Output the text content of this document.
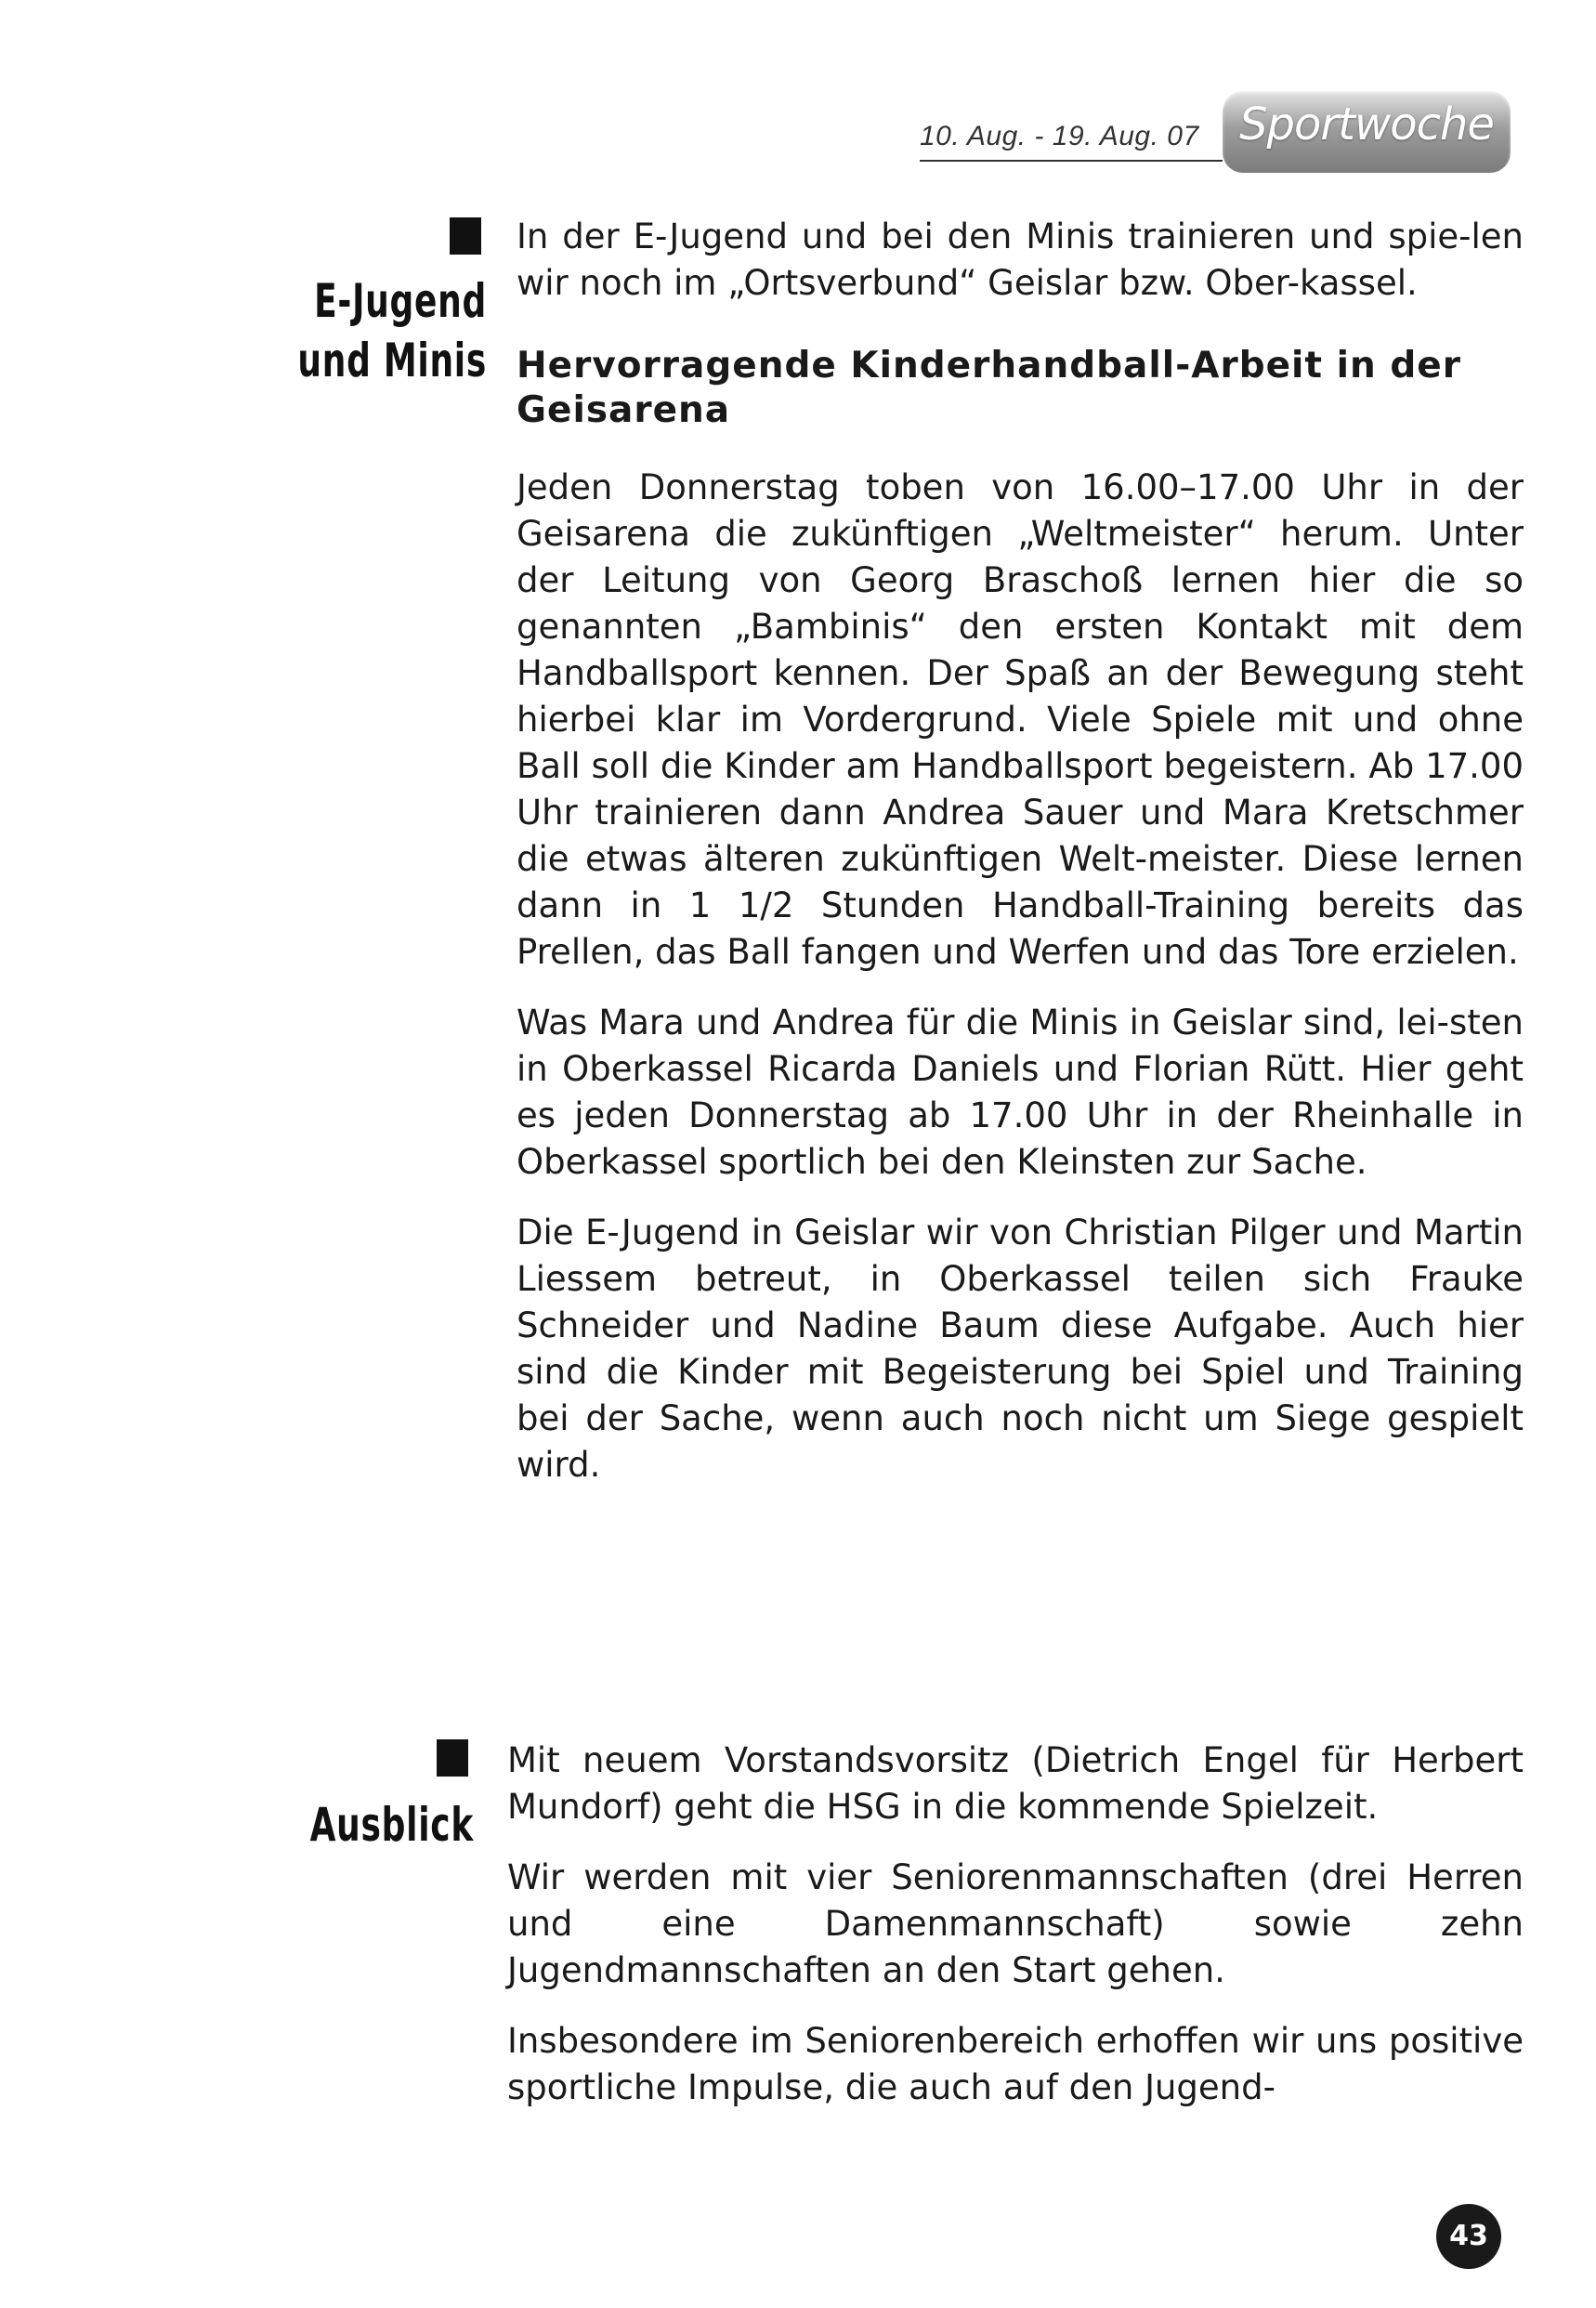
10. Aug. - 19. Aug. 07 Sportwoche
E-Jugend
und Minis

In der E-Jugend und bei den Minis trainieren und spie-len wir noch im „Ortsverbund“ Geislar bzw. Ober-kassel.

Hervorragende Kinderhandball-Arbeit in der Geisarena

Jeden Donnerstag toben von 16.00–17.00 Uhr in der Geisarena die zukünftigen „Weltmeister“ herum. Unter der Leitung von Georg Braschoß lernen hier die so genannten „Bambinis“ den ersten Kontakt mit dem Handballsport kennen. Der Spaß an der Bewegung steht hierbei klar im Vordergrund. Viele Spiele mit und ohne Ball soll die Kinder am Handballsport begeistern. Ab 17.00 Uhr trainieren dann Andrea Sauer und Mara Kretschmer die etwas älteren zukünftigen Welt-meister. Diese lernen dann in 1 1/2 Stunden Handball-Training bereits das Prellen, das Ball fangen und Werfen und das Tore erzielen.

Was Mara und Andrea für die Minis in Geislar sind, lei-sten in Oberkassel Ricarda Daniels und Florian Rütt. Hier geht es jeden Donnerstag ab 17.00 Uhr in der Rheinhalle in Oberkassel sportlich bei den Kleinsten zur Sache.

Die E-Jugend in Geislar wir von Christian Pilger und Martin Liessem betreut, in Oberkassel teilen sich Frauke Schneider und Nadine Baum diese Aufgabe. Auch hier sind die Kinder mit Begeisterung bei Spiel und Training bei der Sache, wenn auch noch nicht um Siege gespielt wird.

Ausblick

Mit neuem Vorstandsvorsitz (Dietrich Engel für Herbert Mundorf) geht die HSG in die kommende Spielzeit.

Wir werden mit vier Seniorenmannschaften (drei Herren und eine Damenmannschaft) sowie zehn Jugendmannschaften an den Start gehen.

Insbesondere im Seniorenbereich erhoffen wir uns positive sportliche Impulse, die auch auf den Jugend-

43
